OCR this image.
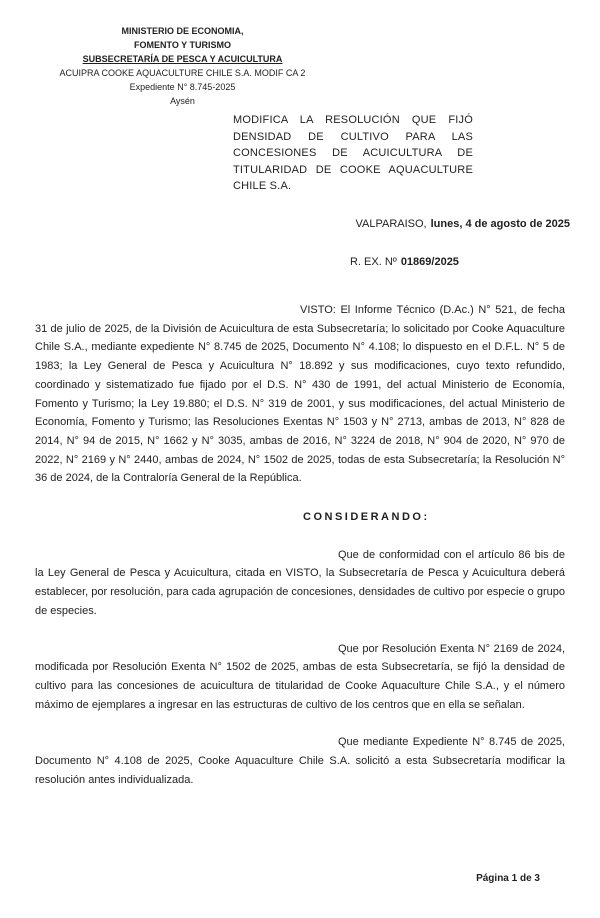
MINISTERIO DE ECONOMIA,
FOMENTO Y TURISMO
SUBSECRETARÍA DE PESCA Y ACUICULTURA
ACUIPRA COOKE AQUACULTURE CHILE S.A. MODIF CA 2
Expediente N° 8.745-2025
Aysén
MODIFICA LA RESOLUCIÓN QUE FIJÓ DENSIDAD DE CULTIVO PARA LAS CONCESIONES DE ACUICULTURA DE TITULARIDAD DE COOKE AQUACULTURE CHILE S.A.
VALPARAISO, lunes, 4 de agosto de 2025
R. EX. Nº 01869/2025

VISTO: El Informe Técnico (D.Ac.) N° 521, de fecha 31 de julio de 2025, de la División de Acuicultura de esta Subsecretaría; lo solicitado por Cooke Aquaculture Chile S.A., mediante expediente N° 8.745 de 2025, Documento N° 4.108; lo dispuesto en el D.F.L. N° 5 de 1983; la Ley General de Pesca y Acuicultura N° 18.892 y sus modificaciones, cuyo texto refundido, coordinado y sistematizado fue fijado por el D.S. N° 430 de 1991, del actual Ministerio de Economía, Fomento y Turismo; la Ley 19.880; el D.S. N° 319 de 2001, y sus modificaciones, del actual Ministerio de Economía, Fomento y Turismo; las Resoluciones Exentas N° 1503 y N° 2713, ambas de 2013, N° 828 de 2014, N° 94 de 2015, N° 1662 y N° 3035, ambas de 2016, N° 3224 de 2018, N° 904 de 2020, N° 970 de 2022, N° 2169 y N° 2440, ambas de 2024, N° 1502 de 2025, todas de esta Subsecretaría; la Resolución N° 36 de 2024, de la Contraloría General de la República.

CONSIDERANDO:

Que de conformidad con el artículo 86 bis de la Ley General de Pesca y Acuicultura, citada en VISTO, la Subsecretaría de Pesca y Acuicultura deberá establecer, por resolución, para cada agrupación de concesiones, densidades de cultivo por especie o grupo de especies.

Que por Resolución Exenta N° 2169 de 2024, modificada por Resolución Exenta N° 1502 de 2025, ambas de esta Subsecretaría, se fijó la densidad de cultivo para las concesiones de acuicultura de titularidad de Cooke Aquaculture Chile S.A., y el número máximo de ejemplares a ingresar en las estructuras de cultivo de los centros que en ella se señalan.

Que mediante Expediente N° 8.745 de 2025, Documento N° 4.108 de 2025, Cooke Aquaculture Chile S.A. solicitó a esta Subsecretaría modificar la resolución antes individualizada.

Página 1 de 3
